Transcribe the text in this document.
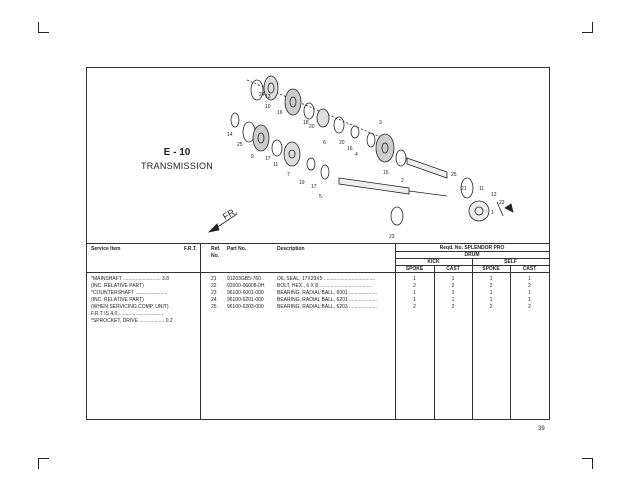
24 13
10
16
18
20
3
14
25
9 17
7
11
6	20
16
4
15
2
19
17
5
21 11
12
25
22
1
23
FR.
E - 10
TRANSMISSION
Service Item	F.R.T.	Ref.
No.
Part No.	Description	Reqd. No. SPLENDOR PRO
DRUM
KICK	SELF
SPOKE	CAST	SPOKE	CAST
*MAINSHAFT ........................... 3.8
(INC. RELATIVE PART)
*COUNTERSHAFT .......................
(INC. RELATIVE PART)
(WHEN SERVICING COMP, UNIT)
F.R.T IS 4.0.................................
*SPROCKET, DRIVE .................. 0.2
21 91203GB5-760	OIL SEAL, 17X29X5 .....................................	1	1	1	1
22 92000-06008-0H BOLT, HEX., 6 X 8 ......................................	2	2	2	2
23 96100-6001-000	BEARING, RADIAL BALL, 6001 ....................	1	1	1	1
24 96100-6201-000	BEARING, RADIAL BALL, 6201 ....................	1	1	1	1
25 96100-6203-000	BEARING, RADIAL BALL, 6203 ....................	2	2	2	2
39
